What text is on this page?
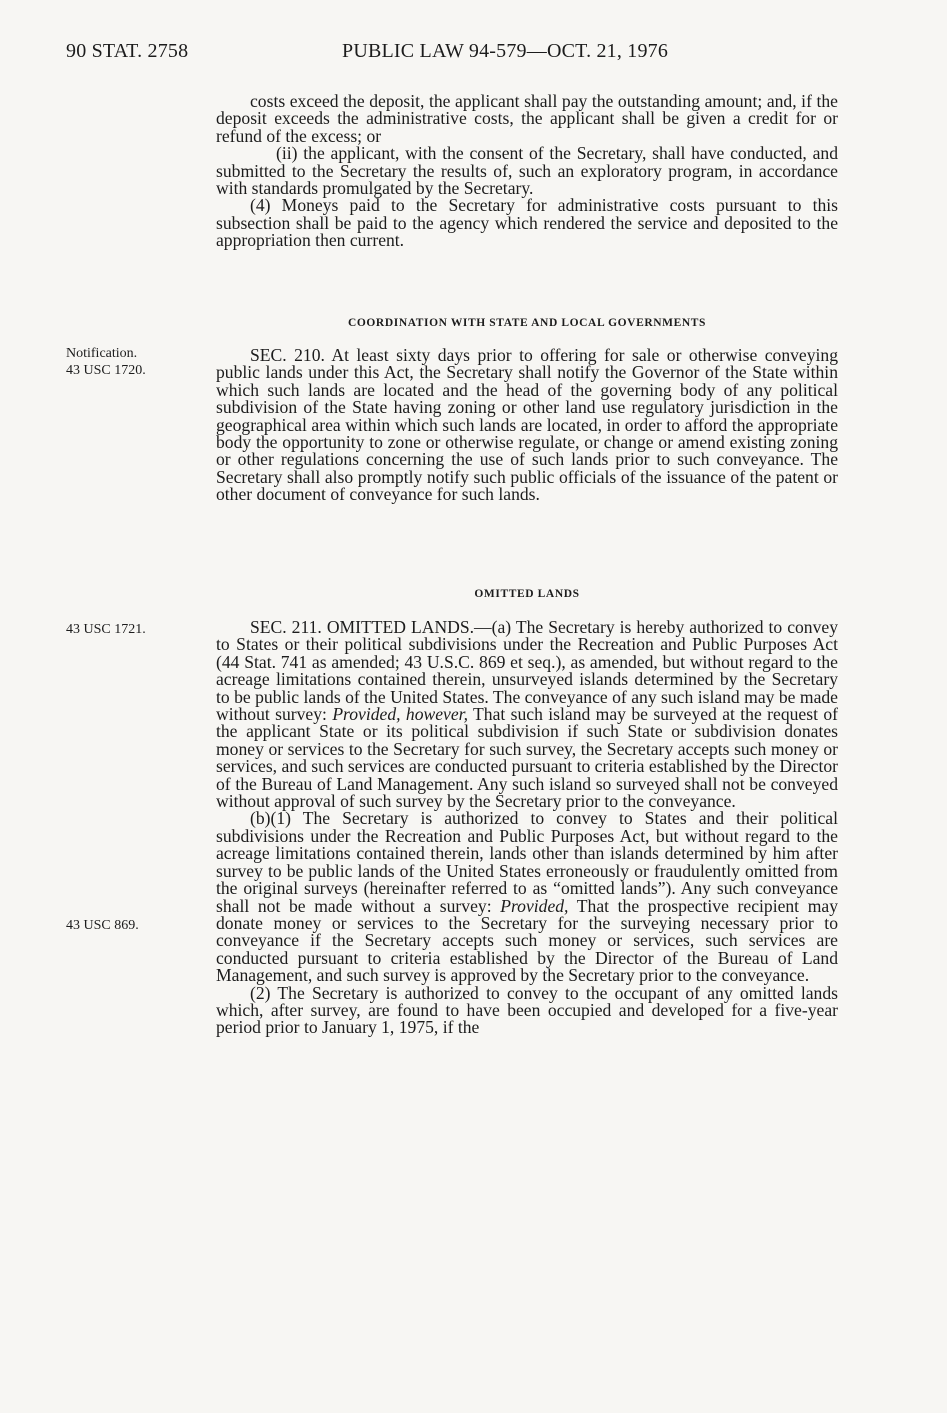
90 STAT. 2758	PUBLIC LAW 94-579—OCT. 21, 1976

costs exceed the deposit, the applicant shall pay the outstanding amount; and, if the deposit exceeds the administrative costs, the applicant shall be given a credit for or refund of the excess; or

(ii) the applicant, with the consent of the Secretary, shall have conducted, and submitted to the Secretary the results of, such an exploratory program, in accordance with standards promulgated by the Secretary.

(4) Moneys paid to the Secretary for administrative costs pursuant to this subsection shall be paid to the agency which rendered the service and deposited to the appropriation then current.

COORDINATION WITH STATE AND LOCAL GOVERNMENTS
Notification.
43 USC 1720.

SEC. 210. At least sixty days prior to offering for sale or otherwise conveying public lands under this Act, the Secretary shall notify the Governor of the State within which such lands are located and the head of the governing body of any political subdivision of the State having zoning or other land use regulatory jurisdiction in the geographical area within which such lands are located, in order to afford the appropriate body the opportunity to zone or otherwise regulate, or change or amend existing zoning or other regulations concerning the use of such lands prior to such conveyance. The Secretary shall also promptly notify such public officials of the issuance of the patent or other document of conveyance for such lands.

OMITTED LANDS
43 USC 1721.	SEC. 211. OMITTED LANDS.—(a) The Secretary is hereby authorized to convey to States or their political subdivisions under the Recreation and Public Purposes Act (44 Stat. 741 as amended; 43 U.S.C. 869 et seq.), as amended, but without regard to the acreage limitations contained therein, unsurveyed islands determined by the Secretary to be public lands of the United States. The conveyance of any such island may be made without survey: Provided, however, That such island may be surveyed at the request of the applicant State or its political subdivision if such State or subdivision donates money or services to the Secretary for such survey, the Secretary accepts such money or services, and such services are conducted pursuant to criteria established by the Director of the Bureau of Land Management. Any such island so surveyed shall not be conveyed without approval of such survey by the Secretary prior to the conveyance.

(b)(1) The Secretary is authorized to convey to States and their political subdivisions under the Recreation and Public Purposes Act, but without regard to the acreage limitations contained therein, lands other than islands determined by him after survey to be public lands of the United States erroneously or fraudulently omitted from the original surveys (hereinafter referred to as “omitted lands”). Any such conveyance shall not be made without a survey: Provided, That the prospective recipient may donate money or services to the Secretary for the surveying necessary prior to conveyance if the Secretary accepts such money or services, such services are conducted pursuant to criteria established by the Director of the Bureau of Land Management, and such survey is approved by the Secretary prior to the conveyance.

(2) The Secretary is authorized to convey to the occupant of any omitted lands which, after survey, are found to have been occupied and developed for a five-year period prior to January 1, 1975, if the

43 USC 869.
